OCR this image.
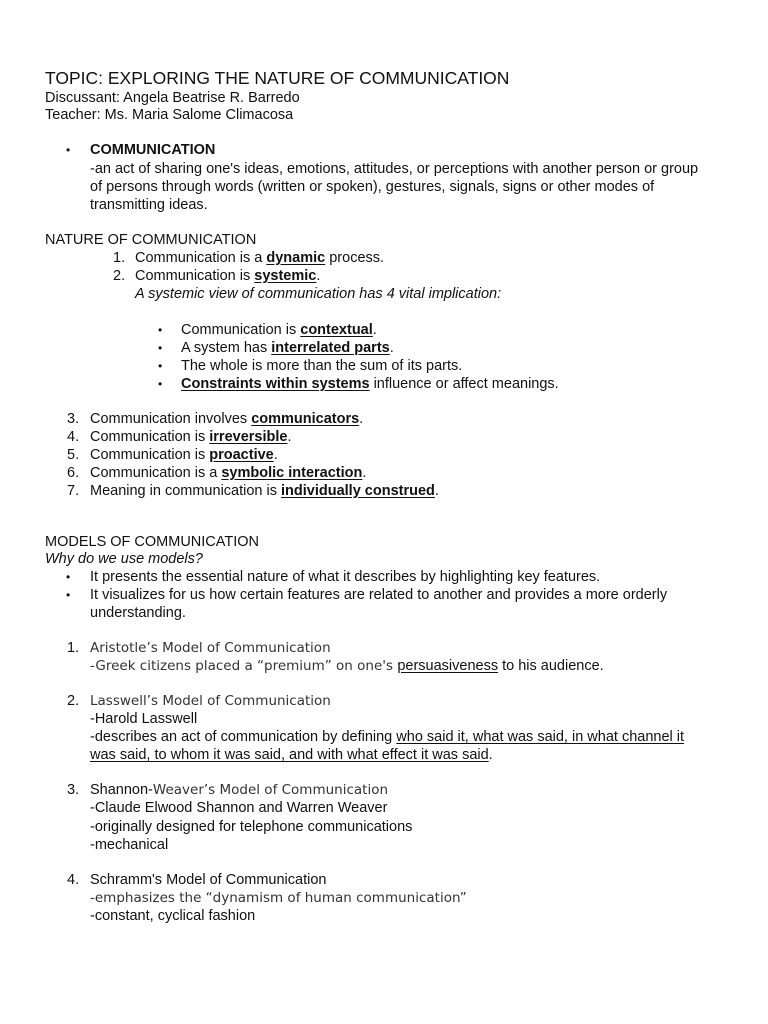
TOPIC: EXPLORING THE NATURE OF COMMUNICATION
Discussant: Angela Beatrise R. Barredo
Teacher: Ms. Maria Salome Climacosa
• COMMUNICATION
-an act of sharing one's ideas, emotions, attitudes, or perceptions with another person or group
of persons through words (written or spoken), gestures, signals, signs or other modes of
transmitting ideas.
NATURE OF COMMUNICATION
1. Communication is a dynamic process.
2. Communication is systemic.
A systemic view of communication has 4 vital implication:
• Communication is contextual.
• A system has interrelated parts.
• The whole is more than the sum of its parts.
• Constraints within systems influence or affect meanings.
3. Communication involves communicators.
4. Communication is irreversible.
5. Communication is proactive.
6. Communication is a symbolic interaction.
7. Meaning in communication is individually construed.
MODELS OF COMMUNICATION
Why do we use models?
• It presents the essential nature of what it describes by highlighting key features.
• It visualizes for us how certain features are related to another and provides a more orderly
understanding.
1. Aristotle’s Model of Communication
-Greek citizens placed a “premium” on one's persuasiveness to his audience.
2. Lasswell’s Model of Communication
-Harold Lasswell
-describes an act of communication by defining who said it, what was said, in what channel it
was said, to whom it was said, and with what effect it was said.
3. Shannon-Weaver’s Model of Communication
-Claude Elwood Shannon and Warren Weaver
-originally designed for telephone communications
-mechanical
4. Schramm's Model of Communication
-emphasizes the “dynamism of human communication”
-constant, cyclical fashion
